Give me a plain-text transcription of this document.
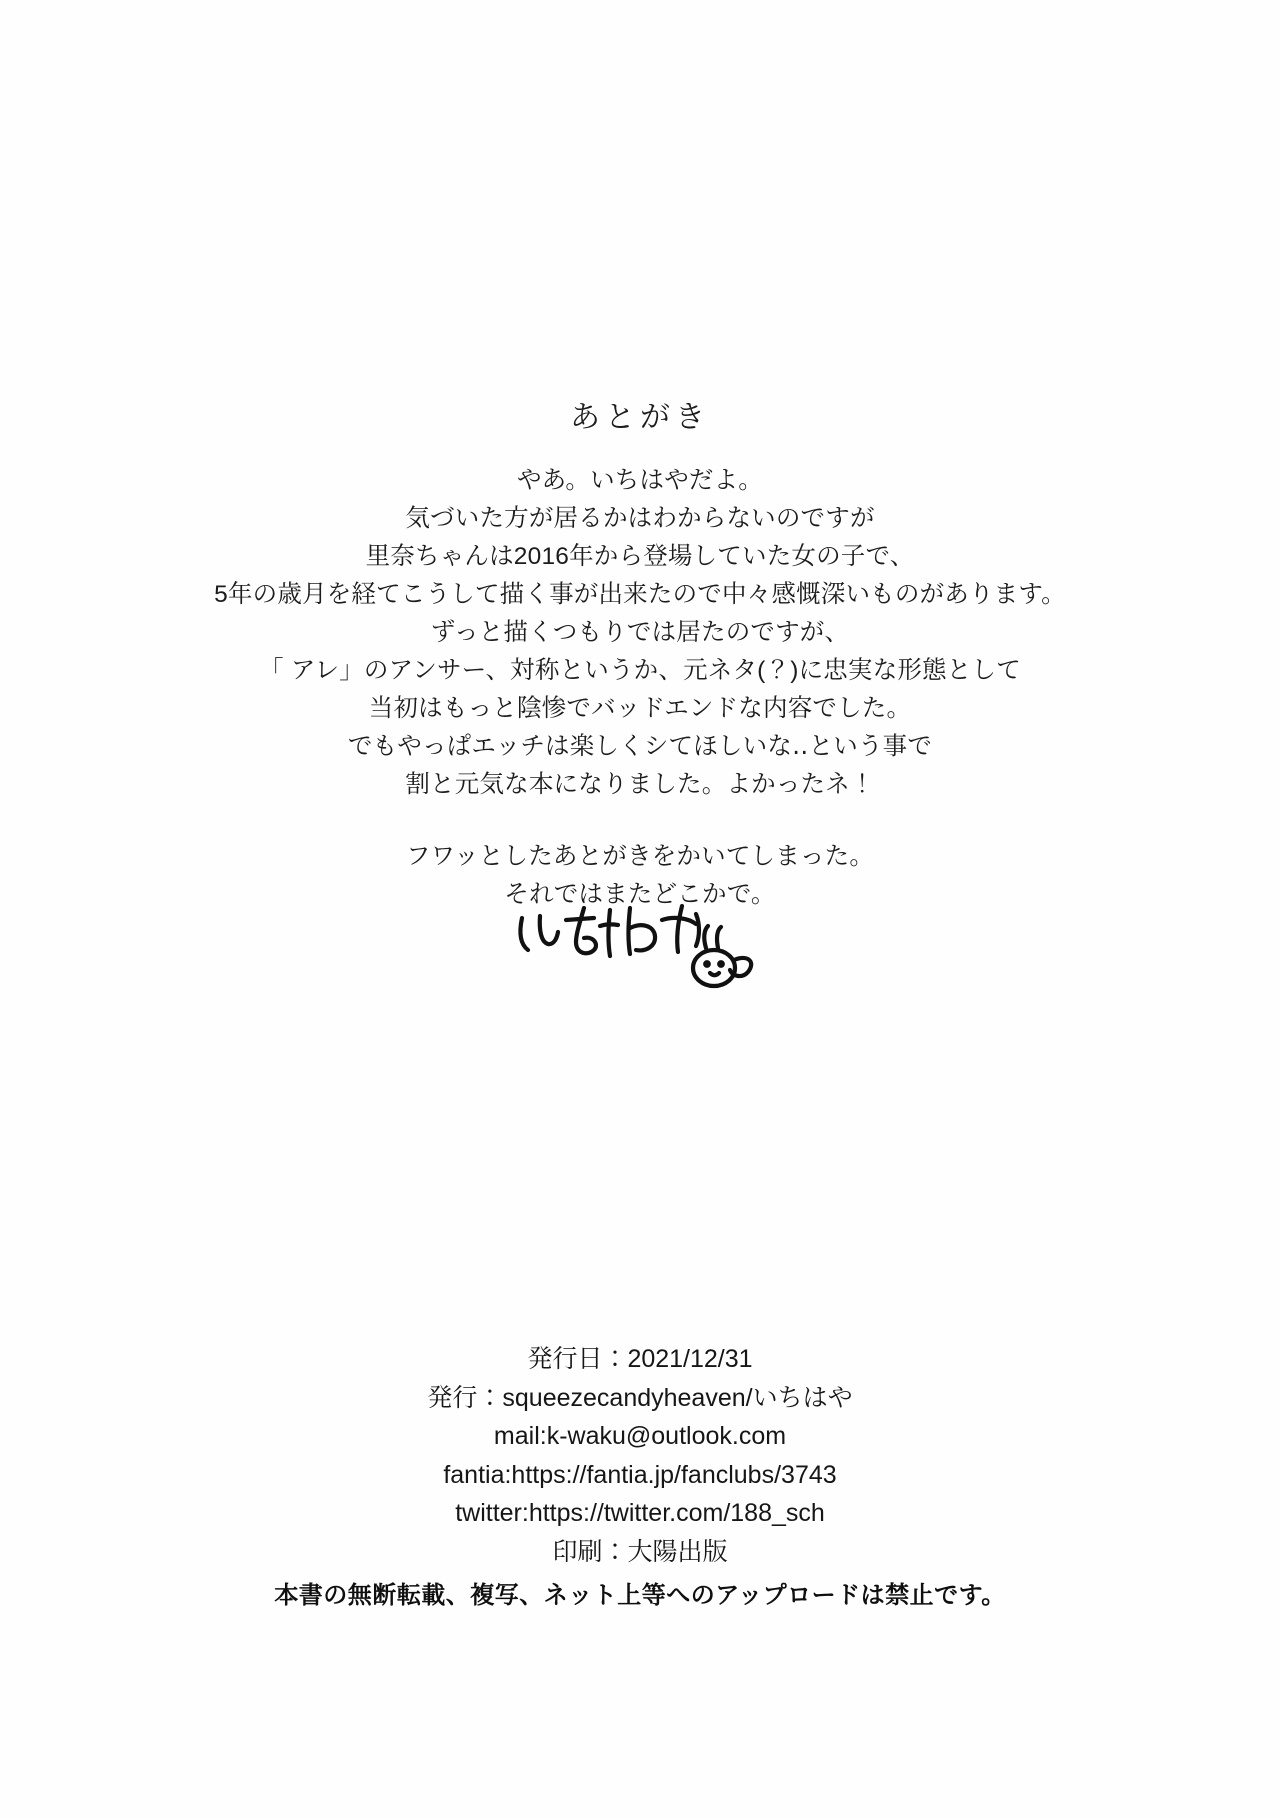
あとがき
やあ。いちはやだよ。
気づいた方が居るかはわからないのですが
里奈ちゃんは2016年から登場していた女の子で、
5年の歳月を経てこうして描く事が出来たので中々感慨深いものがあります。
ずっと描くつもりでは居たのですが、
「 アレ」のアンサー、対称というか、元ネタ(？)に忠実な形態として
当初はもっと陰惨でバッドエンドな内容でした。
でもやっぱエッチは楽しくシてほしいな‥という事で
割と元気な本になりました。よかったネ！
フワッとしたあとがきをかいてしまった。
それではまたどこかで。
発行日：2021/12/31
発行：squeezecandyheaven/いちはや
mail:k-waku@outlook.com
fantia:https://fantia.jp/fanclubs/3743
twitter:https://twitter.com/188_sch
印刷：大陽出版
本書の無断転載、複写、ネット上等へのアップロードは禁止です。
